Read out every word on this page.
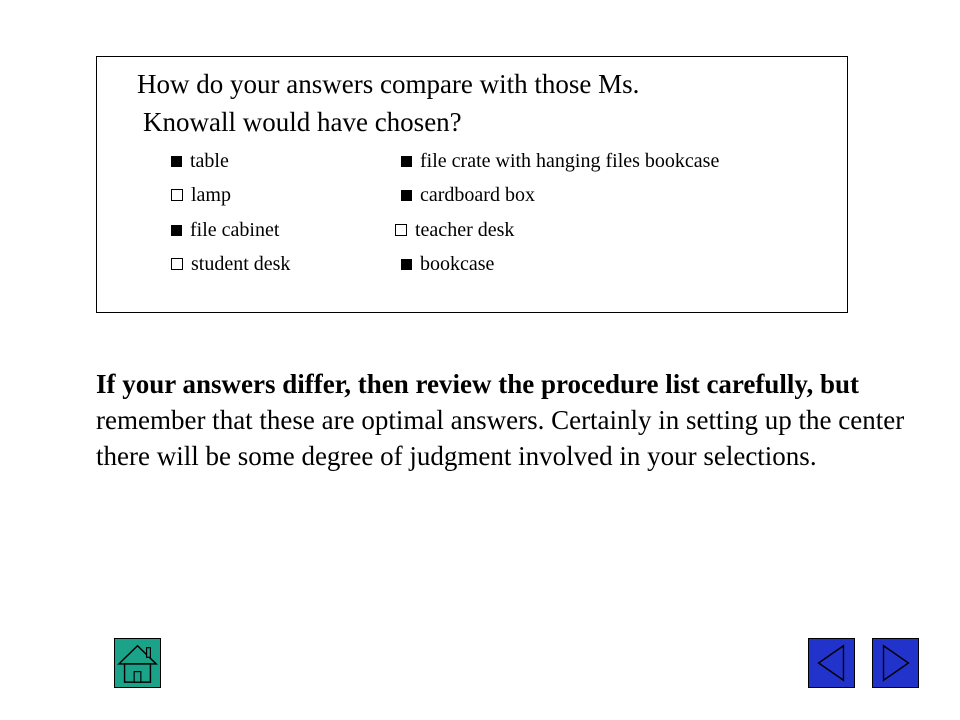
How do your answers compare with those Ms.
Knowall would have chosen?

table	file crate with hanging files bookcase
lamp	cardboard box
file cabinet	teacher desk
student desk	bookcase

If your answers differ, then review the procedure list carefully, but remember that these are optimal answers. Certainly in setting up the center there will be some degree of judgment involved in your selections.
